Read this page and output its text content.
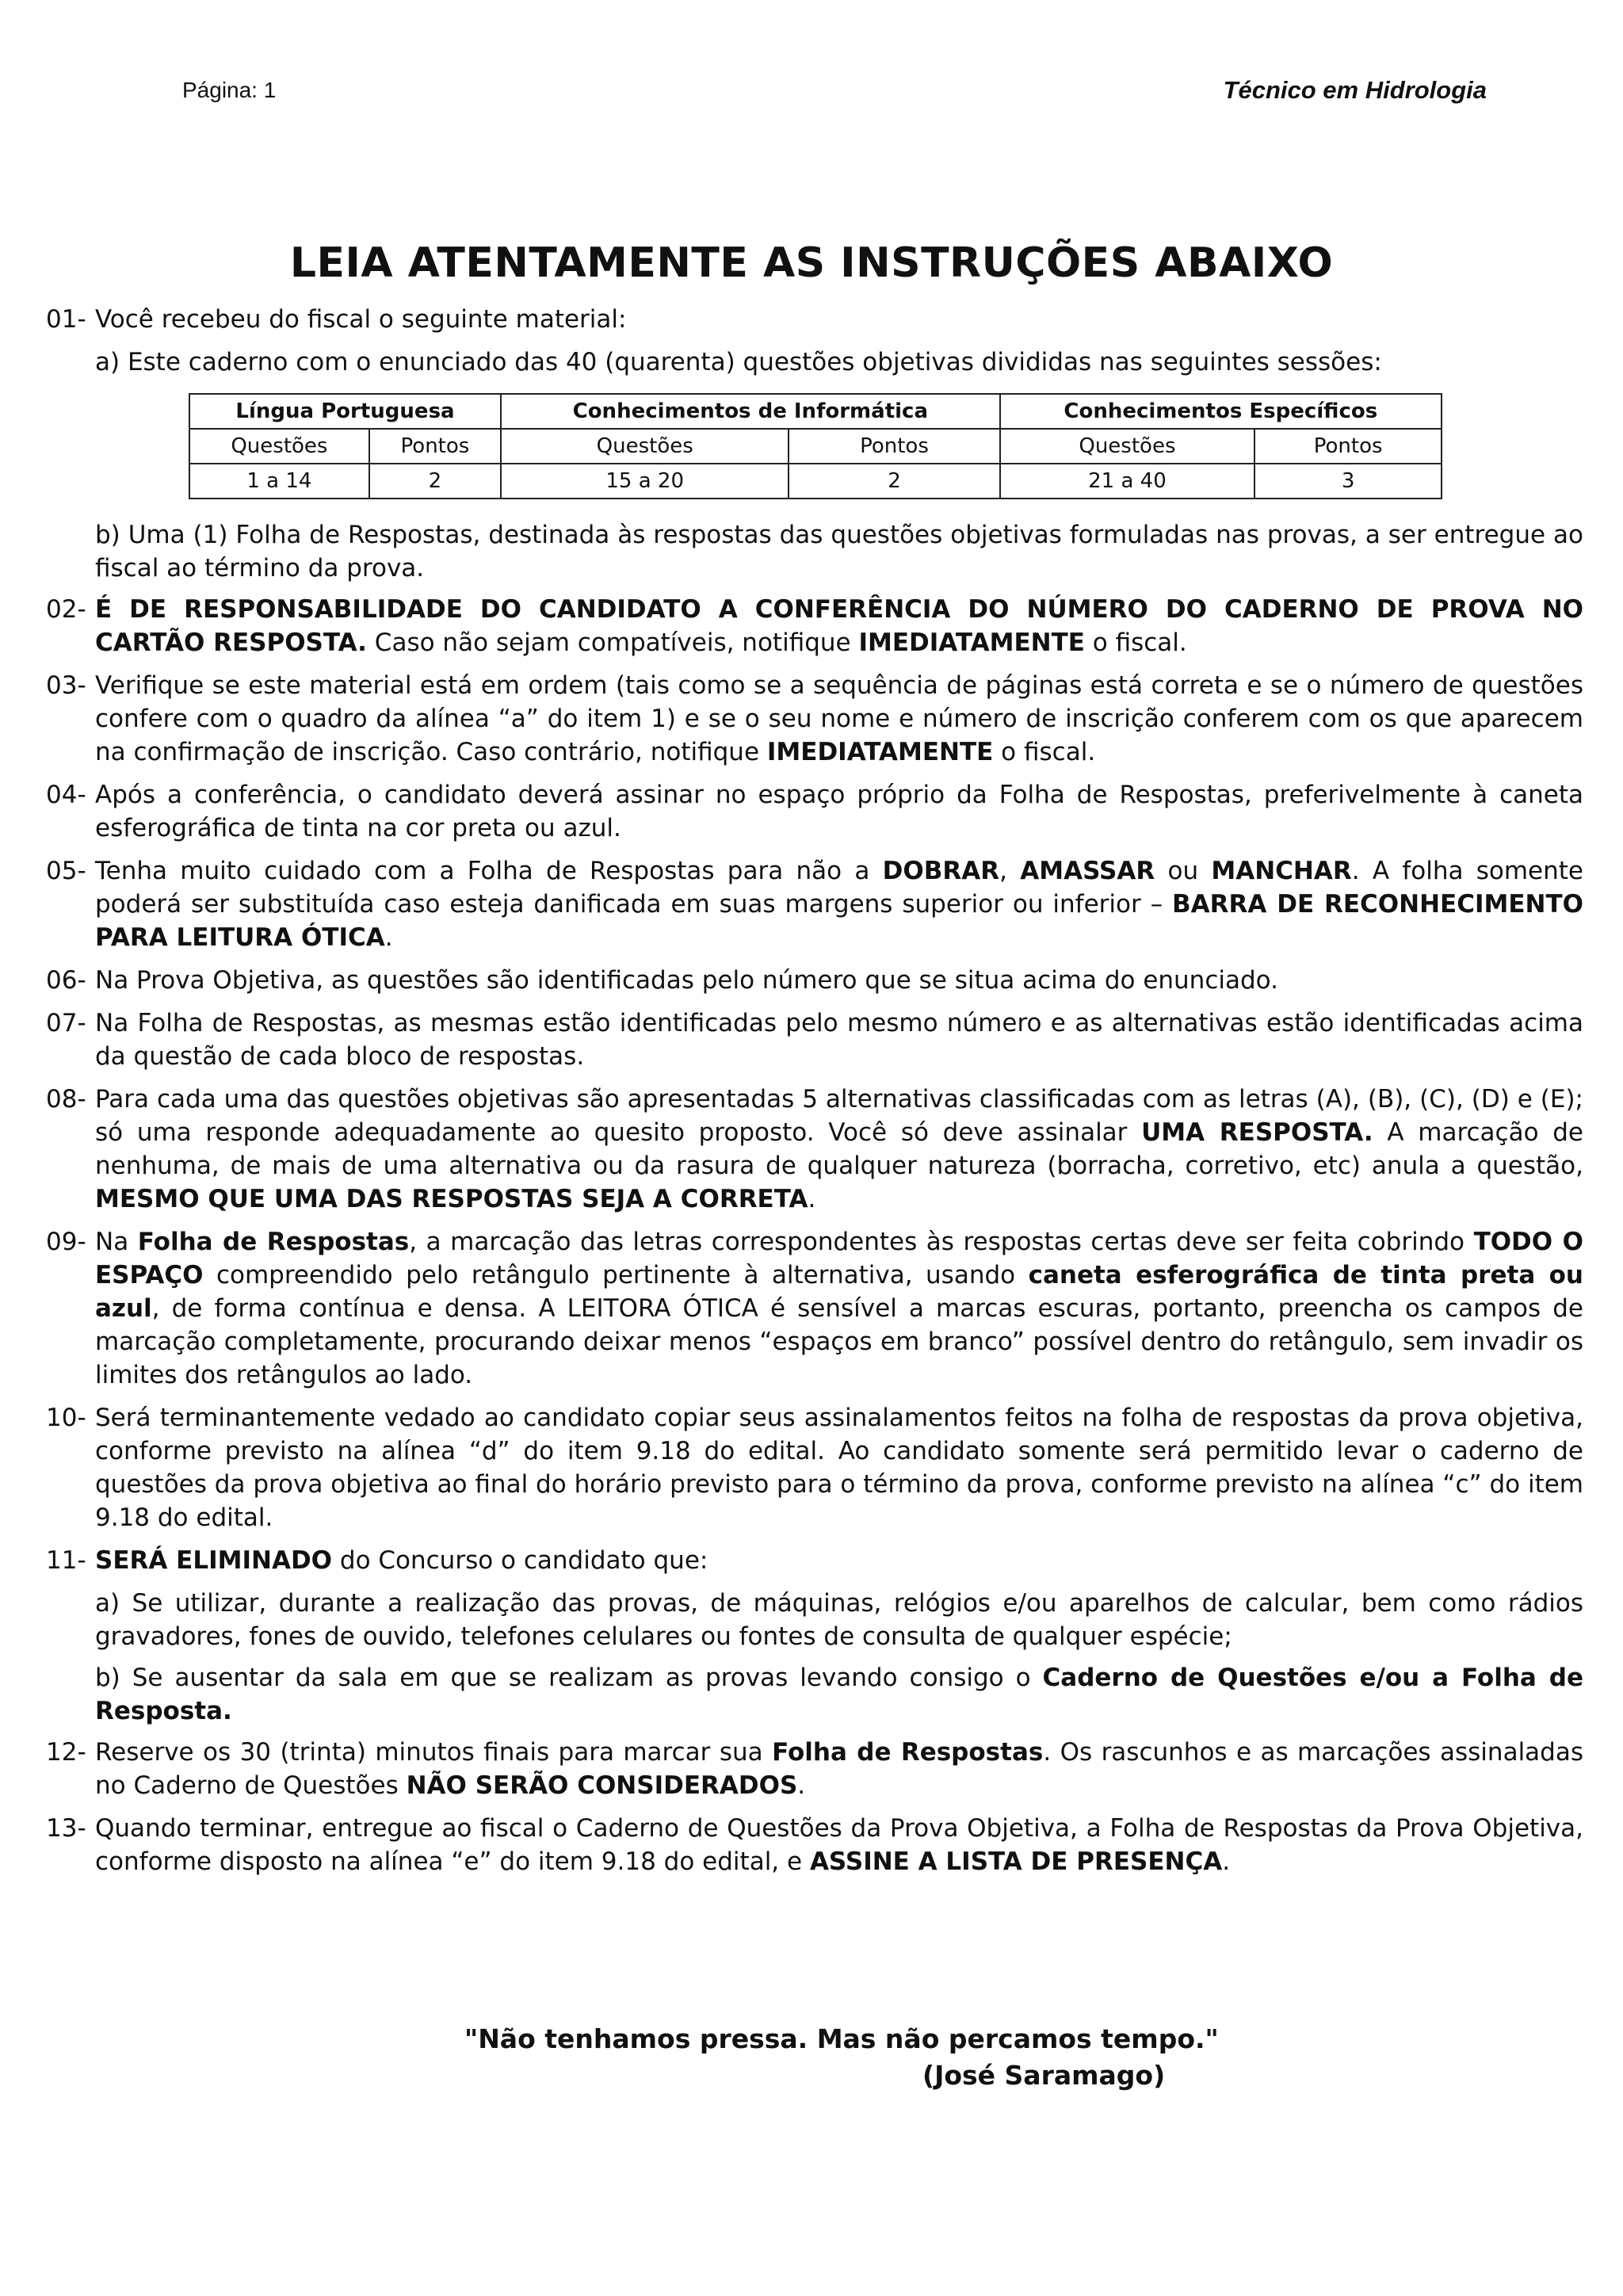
Página: 1	Técnico em Hidrologia
LEIA ATENTAMENTE AS INSTRUÇÕES ABAIXO
01- Você recebeu do fiscal o seguinte material:
a) Este caderno com o enunciado das 40 (quarenta) questões objetivas divididas nas seguintes sessões:
Língua Portuguesa		Conhecimentos de Informática		Conhecimentos Específicos	
Questões	Pontos	Questões	Pontos	Questões	Pontos
1 a 14	2	15 a 20	2	21 a 40	3
b) Uma (1) Folha de Respostas, destinada às respostas das questões objetivas formuladas nas provas, a ser entregue ao fiscal ao término da prova.
02- É DE RESPONSABILIDADE DO CANDIDATO A CONFERÊNCIA DO NÚMERO DO CADERNO DE PROVA NO CARTÃO RESPOSTA. Caso não sejam compatíveis, notifique IMEDIATAMENTE o fiscal.
03- Verifique se este material está em ordem (tais como se a sequência de páginas está correta e se o número de questões confere com o quadro da alínea “a” do item 1) e se o seu nome e número de inscrição conferem com os que aparecem na confirmação de inscrição. Caso contrário, notifique IMEDIATAMENTE o fiscal.
04- Após a conferência, o candidato deverá assinar no espaço próprio da Folha de Respostas, preferivelmente à caneta esferográfica de tinta na cor preta ou azul.
05- Tenha muito cuidado com a Folha de Respostas para não a DOBRAR, AMASSAR ou MANCHAR. A folha somente poderá ser substituída caso esteja danificada em suas margens superior ou inferior – BARRA DE RECONHECIMENTO PARA LEITURA ÓTICA.
06- Na Prova Objetiva, as questões são identificadas pelo número que se situa acima do enunciado.
07- Na Folha de Respostas, as mesmas estão identificadas pelo mesmo número e as alternativas estão identificadas acima da questão de cada bloco de respostas.
08- Para cada uma das questões objetivas são apresentadas 5 alternativas classificadas com as letras (A), (B), (C), (D) e (E); só uma responde adequadamente ao quesito proposto. Você só deve assinalar UMA RESPOSTA. A marcação de nenhuma, de mais de uma alternativa ou da rasura de qualquer natureza (borracha, corretivo, etc) anula a questão, MESMO QUE UMA DAS RESPOSTAS SEJA A CORRETA.
09- Na Folha de Respostas, a marcação das letras correspondentes às respostas certas deve ser feita cobrindo TODO O ESPAÇO compreendido pelo retângulo pertinente à alternativa, usando caneta esferográfica de tinta preta ou azul, de forma contínua e densa. A LEITORA ÓTICA é sensível a marcas escuras, portanto, preencha os campos de marcação completamente, procurando deixar menos “espaços em branco” possível dentro do retângulo, sem invadir os limites dos retângulos ao lado.
10- Será terminantemente vedado ao candidato copiar seus assinalamentos feitos na folha de respostas da prova objetiva, conforme previsto na alínea “d” do item 9.18 do edital. Ao candidato somente será permitido levar o caderno de questões da prova objetiva ao final do horário previsto para o término da prova, conforme previsto na alínea “c” do item 9.18 do edital.
11- SERÁ ELIMINADO do Concurso o candidato que:
a) Se utilizar, durante a realização das provas, de máquinas, relógios e/ou aparelhos de calcular, bem como rádios gravadores, fones de ouvido, telefones celulares ou fontes de consulta de qualquer espécie;
b) Se ausentar da sala em que se realizam as provas levando consigo o Caderno de Questões e/ou a Folha de Resposta.
12- Reserve os 30 (trinta) minutos finais para marcar sua Folha de Respostas. Os rascunhos e as marcações assinaladas no Caderno de Questões NÃO SERÃO CONSIDERADOS.
13- Quando terminar, entregue ao fiscal o Caderno de Questões da Prova Objetiva, a Folha de Respostas da Prova Objetiva, conforme disposto na alínea “e” do item 9.18 do edital, e ASSINE A LISTA DE PRESENÇA.
"Não tenhamos pressa. Mas não percamos tempo."
(José Saramago)
